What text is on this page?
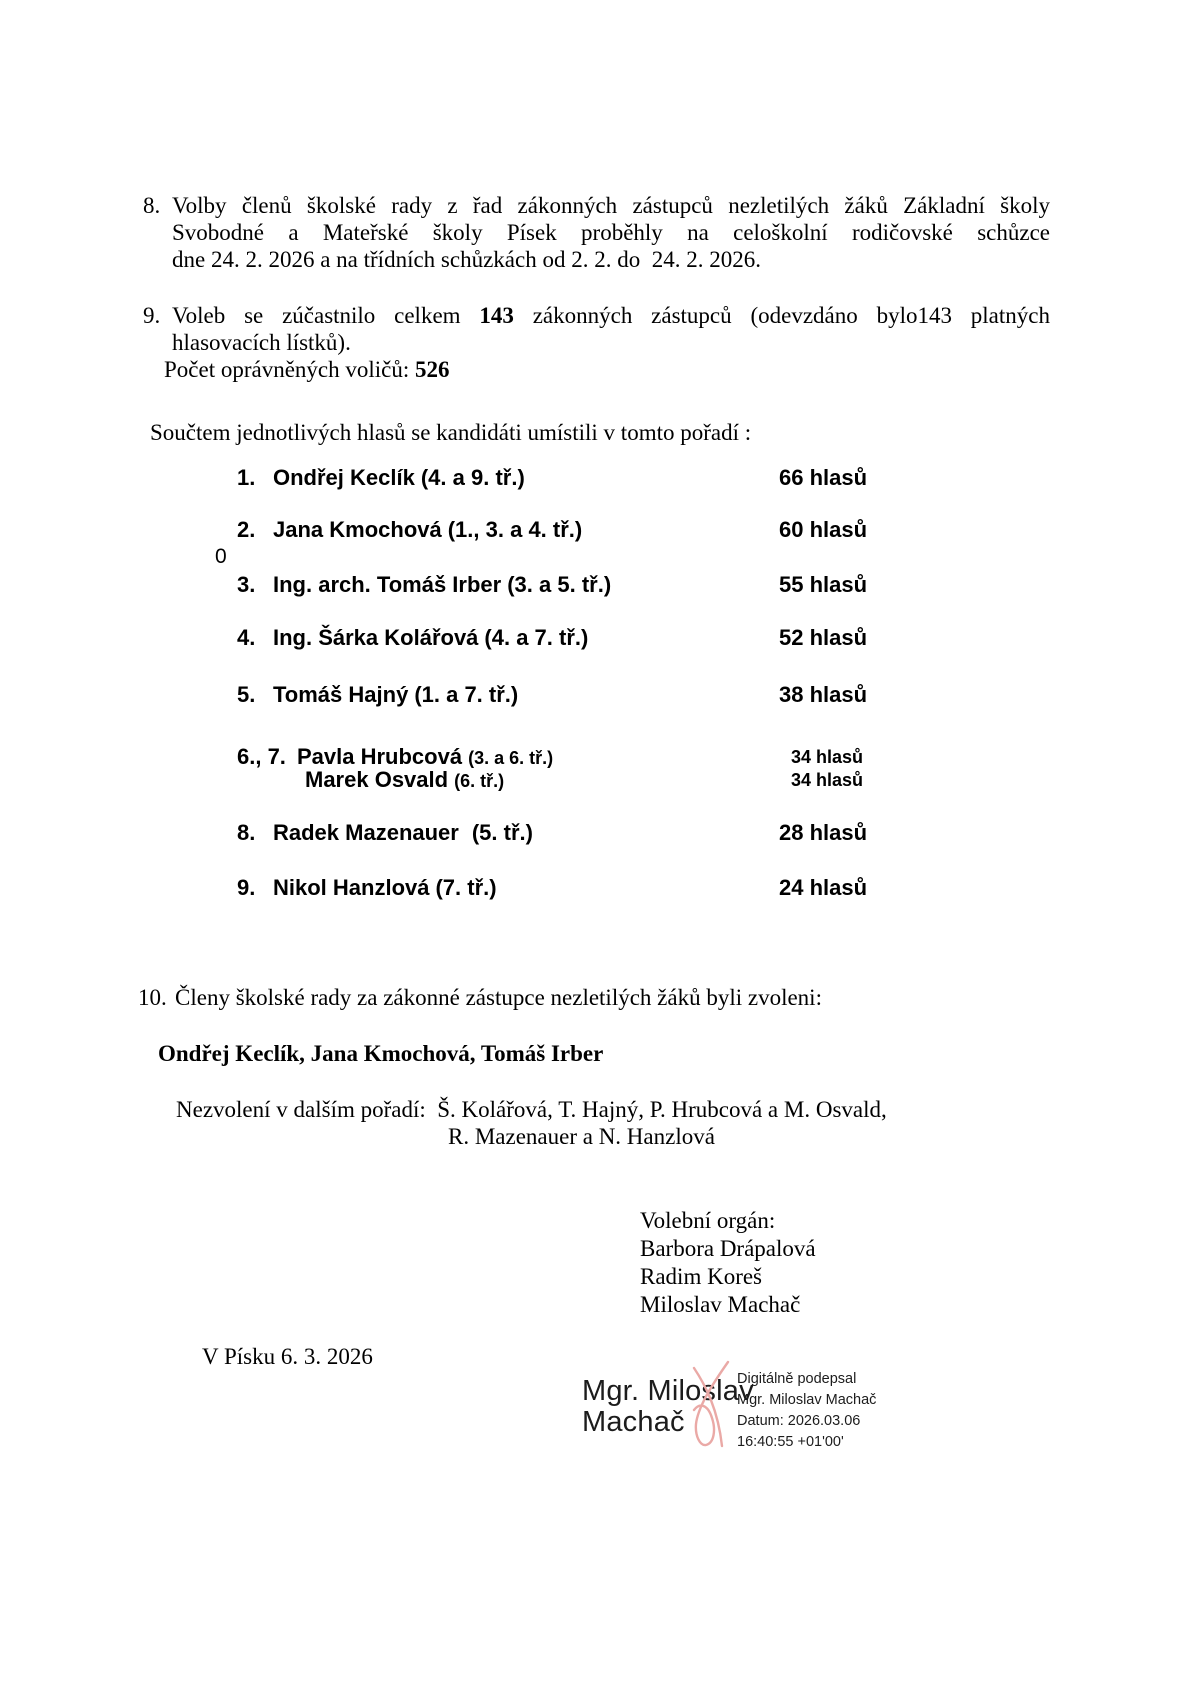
8. Volby členů školské rady z řad zákonných zástupců nezletilých žáků Základní školy
Svobodné a Mateřské školy Písek proběhly na celoškolní rodičovské schůzce
dne 24. 2. 2026 a na třídních schůzkách od 2. 2. do  24. 2. 2026.
9. Voleb se zúčastnilo celkem 143 zákonných zástupců (odevzdáno bylo143 platných
hlasovacích lístků).
Počet oprávněných voličů: 526
Součtem jednotlivých hlasů se kandidáti umístili v tomto pořadí :
1. Ondřej Keclík (4. a 9. tř.)	66 hlasů
2. Jana Kmochová (1., 3. a 4. tř.)	60 hlasů
0
3. Ing. arch. Tomáš Irber (3. a 5. tř.)	55 hlasů
4. Ing. Šárka Kolářová (4. a 7. tř.)	52 hlasů
5. Tomáš Hajný (1. a 7. tř.)	38 hlasů
6., 7. Pavla Hrubcová (3. a 6. tř.)	34 hlasů
Marek Osvald (6. tř.)	34 hlasů
8. Radek Mazenauer (5. tř.)	28 hlasů
9. Nikol Hanzlová (7. tř.)	24 hlasů
10. Členy školské rady za zákonné zástupce nezletilých žáků byli zvoleni:
Ondřej Keclík, Jana Kmochová, Tomáš Irber
Nezvolení v dalším pořadí:  Š. Kolářová, T. Hajný, P. Hrubcová a M. Osvald,
R. Mazenauer a N. Hanzlová
Volební orgán:
Barbora Drápalová
Radim Koreš
Miloslav Machač
V Písku 6. 3. 2026
Mgr. Miloslav
Machač
Digitálně podepsal
Mgr. Miloslav Machač
Datum: 2026.03.06
16:40:55 +01'00'
